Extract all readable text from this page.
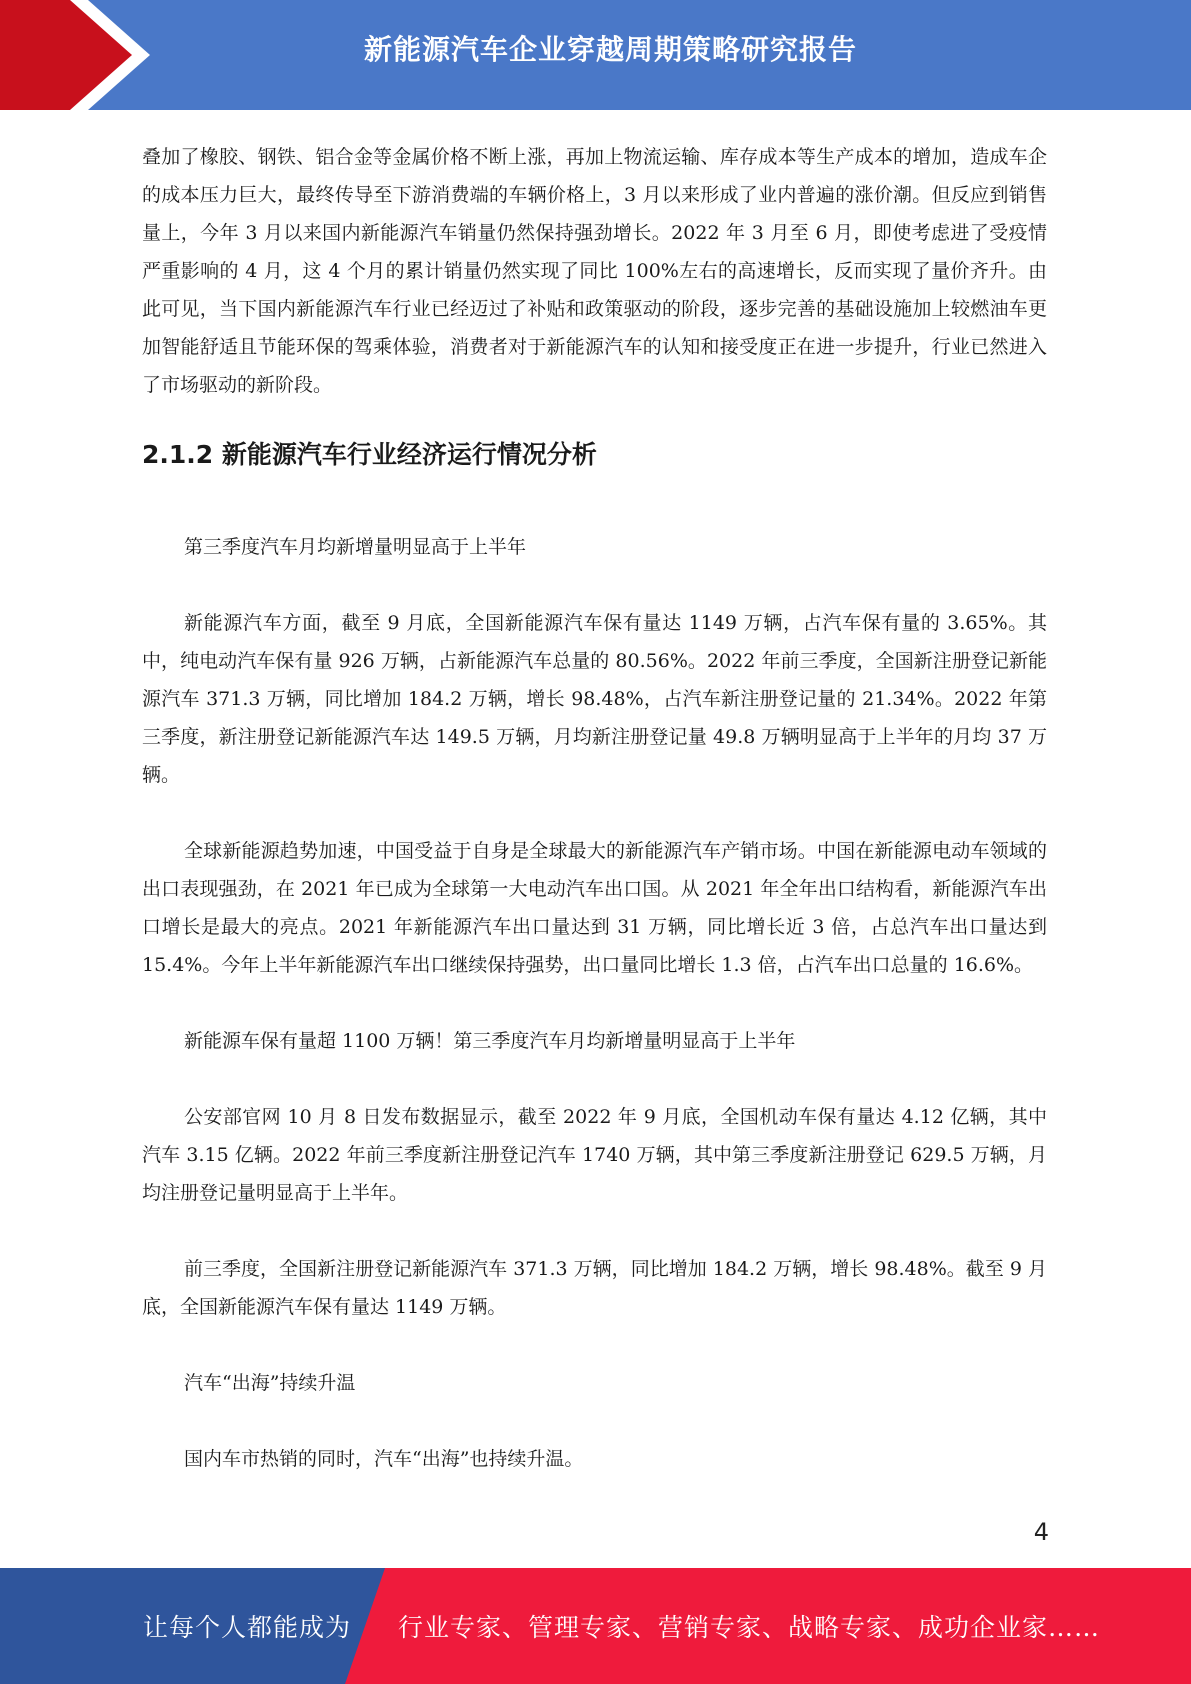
新能源汽车企业穿越周期策略研究报告

叠加了橡胶、钢铁、铝合金等金属价格不断上涨，再加上物流运输、库存成本等生产成本的增加，造成车企的成本压力巨大，最终传导至下游消费端的车辆价格上，3 月以来形成了业内普遍的涨价潮。但反应到销售量上，今年 3 月以来国内新能源汽车销量仍然保持强劲增长。2022 年 3 月至 6 月，即使考虑进了受疫情严重影响的 4 月，这 4 个月的累计销量仍然实现了同比 100%左右的高速增长，反而实现了量价齐升。由此可见，当下国内新能源汽车行业已经迈过了补贴和政策驱动的阶段，逐步完善的基础设施加上较燃油车更加智能舒适且节能环保的驾乘体验，消费者对于新能源汽车的认知和接受度正在进一步提升，行业已然进入了市场驱动的新阶段。

2.1.2 新能源汽车行业经济运行情况分析

第三季度汽车月均新增量明显高于上半年

新能源汽车方面，截至 9 月底，全国新能源汽车保有量达 1149 万辆，占汽车保有量的 3.65%。其中，纯电动汽车保有量 926 万辆，占新能源汽车总量的 80.56%。2022 年前三季度，全国新注册登记新能源汽车 371.3 万辆，同比增加 184.2 万辆，增长 98.48%，占汽车新注册登记量的 21.34%。2022 年第三季度，新注册登记新能源汽车达 149.5 万辆，月均新注册登记量 49.8 万辆明显高于上半年的月均 37 万辆。

全球新能源趋势加速，中国受益于自身是全球最大的新能源汽车产销市场。中国在新能源电动车领域的出口表现强劲，在 2021 年已成为全球第一大电动汽车出口国。从 2021 年全年出口结构看，新能源汽车出口增长是最大的亮点。2021 年新能源汽车出口量达到 31 万辆，同比增长近 3 倍，占总汽车出口量达到 15.4%。今年上半年新能源汽车出口继续保持强势，出口量同比增长 1.3 倍，占汽车出口总量的 16.6%。

新能源车保有量超 1100 万辆！第三季度汽车月均新增量明显高于上半年

公安部官网 10 月 8 日发布数据显示，截至 2022 年 9 月底，全国机动车保有量达 4.12 亿辆，其中汽车 3.15 亿辆。2022 年前三季度新注册登记汽车 1740 万辆，其中第三季度新注册登记 629.5 万辆，月均注册登记量明显高于上半年。

前三季度，全国新注册登记新能源汽车 371.3 万辆，同比增加 184.2 万辆，增长 98.48%。截至 9 月底，全国新能源汽车保有量达 1149 万辆。

汽车“出海”持续升温

国内车市热销的同时，汽车“出海”也持续升温。

4
让每个人都能成为 行业专家、管理专家、营销专家、战略专家、成功企业家……
